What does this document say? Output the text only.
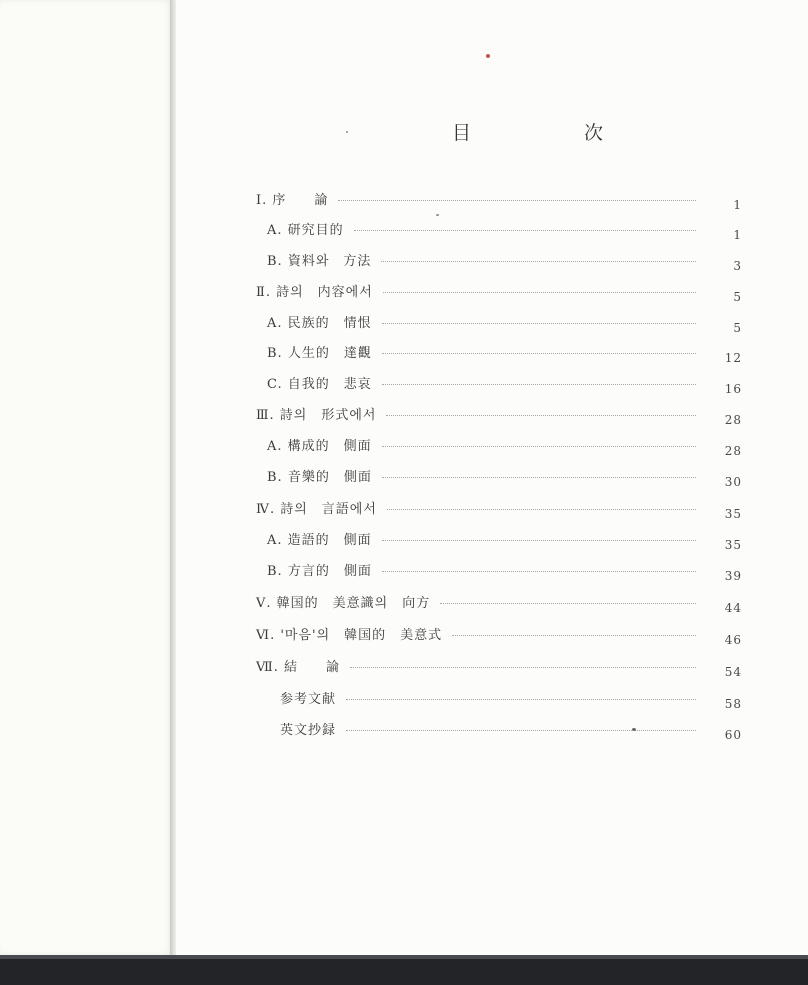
目	次
Ⅰ. 序　　論	1
A. 研究目的	1
B. 資料와　方法	3
Ⅱ. 詩의　内容에서	5
A. 民族的　情恨	5
B. 人生的　達觀	12
C. 自我的　悲哀	16
Ⅲ. 詩의　形式에서	28
A. 構成的　側面	28
B. 音樂的　側面	30
Ⅳ. 詩의　言語에서	35
A. 造語的　側面	35
B. 方言的　側面	39
Ⅴ. 韓国的　美意識의　向方	44
Ⅵ. '마음'의　韓国的　美意式	46
Ⅶ. 結　　論	54
参考文献	58
英文抄録	60
